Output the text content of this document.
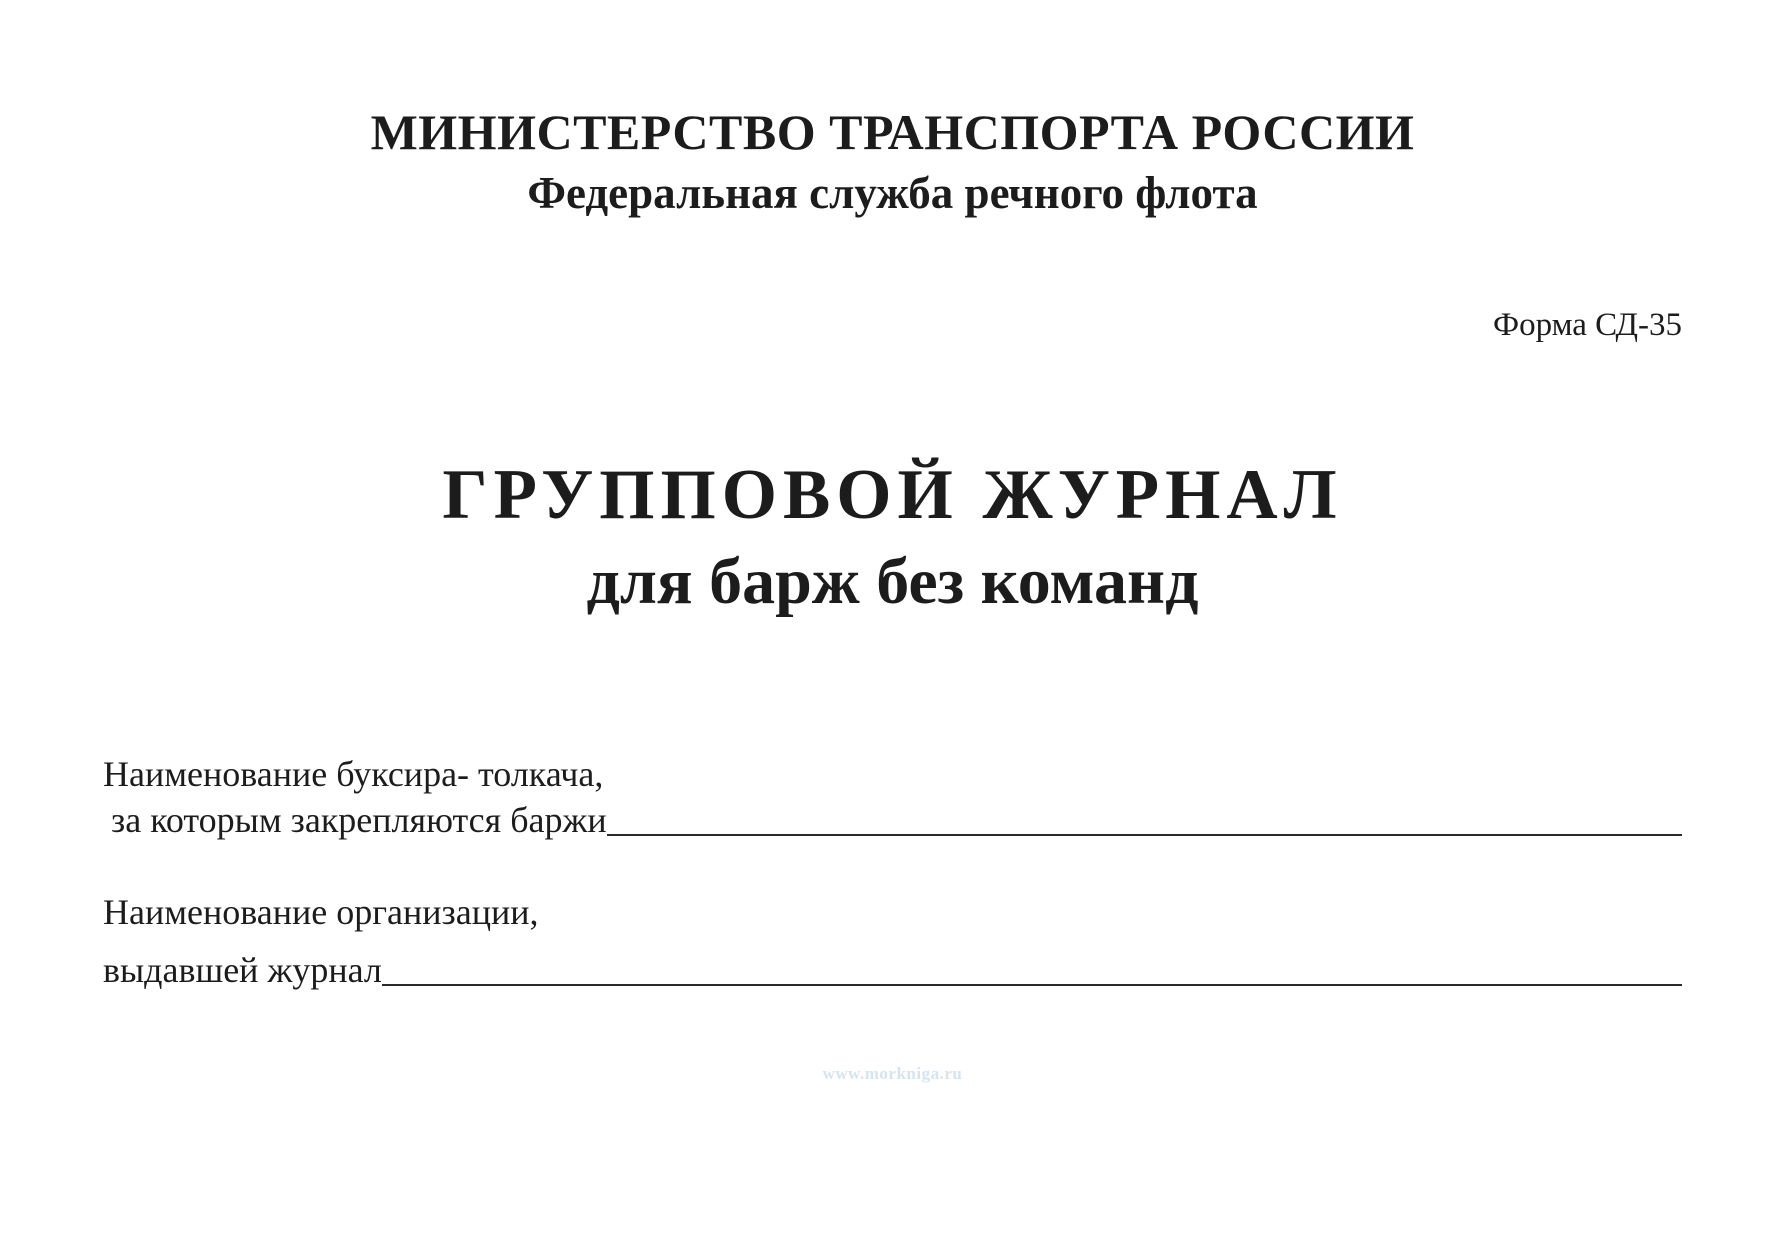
МИНИСТЕРСТВО ТРАНСПОРТА РОССИИ
Федеральная служба речного флота
Форма СД-35
ГРУППОВОЙ ЖУРНАЛ
для барж без команд
Наименование буксира- толкача,
за которым закрепляются баржи
Наименование организации,
выдавшей журнал
www.morkniga.ru
